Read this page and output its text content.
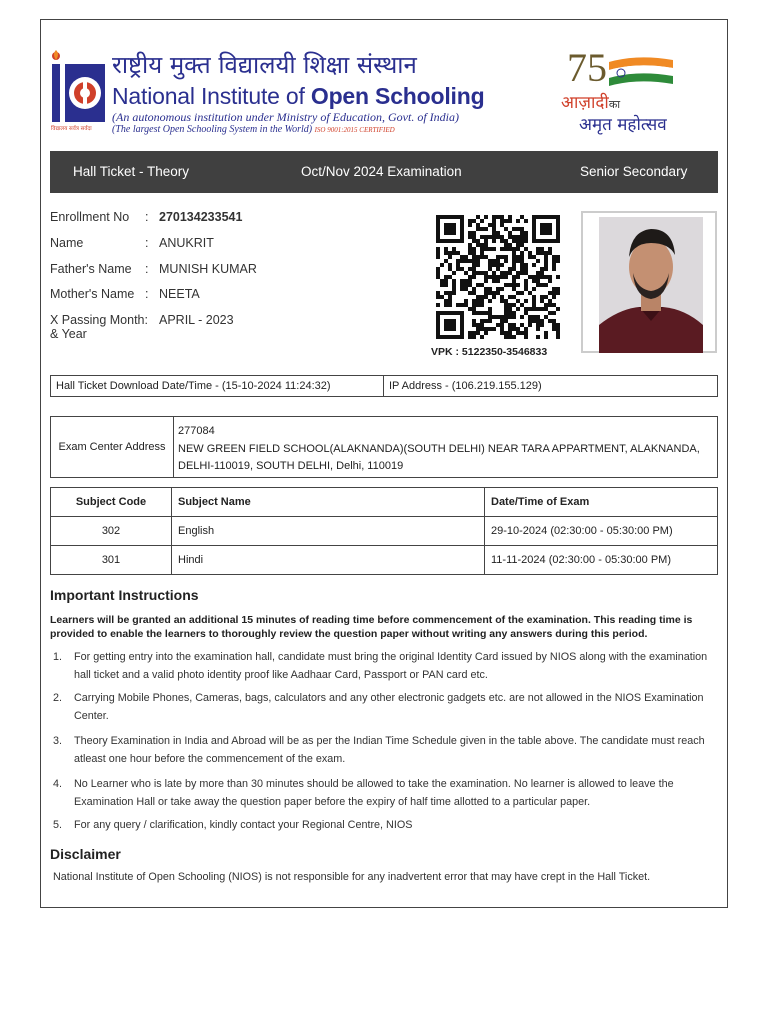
विद्यालय सर्वत्र सर्वदा
राष्ट्रीय मुक्त विद्यालयी शिक्षा संस्थान
National Institute of Open Schooling
(An autonomous institution under Ministry of Education, Govt. of India)
(The largest Open Schooling System in the World) ISO 9001:2015 CERTIFIED
75
आज़ादीका
अमृत महोत्सव
Hall Ticket - Theory	Oct/Nov 2024 Examination	Senior Secondary
Enrollment No	: 270134233541
Name	: ANUKRIT
Father's Name	: MUNISH KUMAR
Mother's Name : NEETA
X Passing Month: APRIL - 2023
& Year
VPK : 5122350-3546833
Hall Ticket Download Date/Time - (15-10-2024 11:24:32)	IP Address - (106.219.155.129)
Exam Center Address
277084
NEW GREEN FIELD SCHOOL(ALAKNANDA)(SOUTH DELHI) NEAR TARA APPARTMENT, ALAKNANDA, DELHI-110019, SOUTH DELHI, Delhi, 110019
Subject Code	Subject Name	Date/Time of Exam
302	English	29-10-2024 (02:30:00 - 05:30:00 PM)
301	Hindi	11-11-2024 (02:30:00 - 05:30:00 PM)
Important Instructions
Learners will be granted an additional 15 minutes of reading time before commencement of the examination. This reading time is provided to enable the learners to thoroughly review the question paper without writing any answers during this period.
1. For getting entry into the examination hall, candidate must bring the original Identity Card issued by NIOS along with the examination hall ticket and a valid photo identity proof like Aadhaar Card, Passport or PAN card etc.
2. Carrying Mobile Phones, Cameras, bags, calculators and any other electronic gadgets etc. are not allowed in the NIOS Examination Center.
3. Theory Examination in India and Abroad will be as per the Indian Time Schedule given in the table above. The candidate must reach atleast one hour before the commencement of the exam.
4. No Learner who is late by more than 30 minutes should be allowed to take the examination. No learner is allowed to leave the Examination Hall or take away the question paper before the expiry of half time allotted to a particular paper.
5. For any query / clarification, kindly contact your Regional Centre, NIOS
Disclaimer
National Institute of Open Schooling (NIOS) is not responsible for any inadvertent error that may have crept in the Hall Ticket.
